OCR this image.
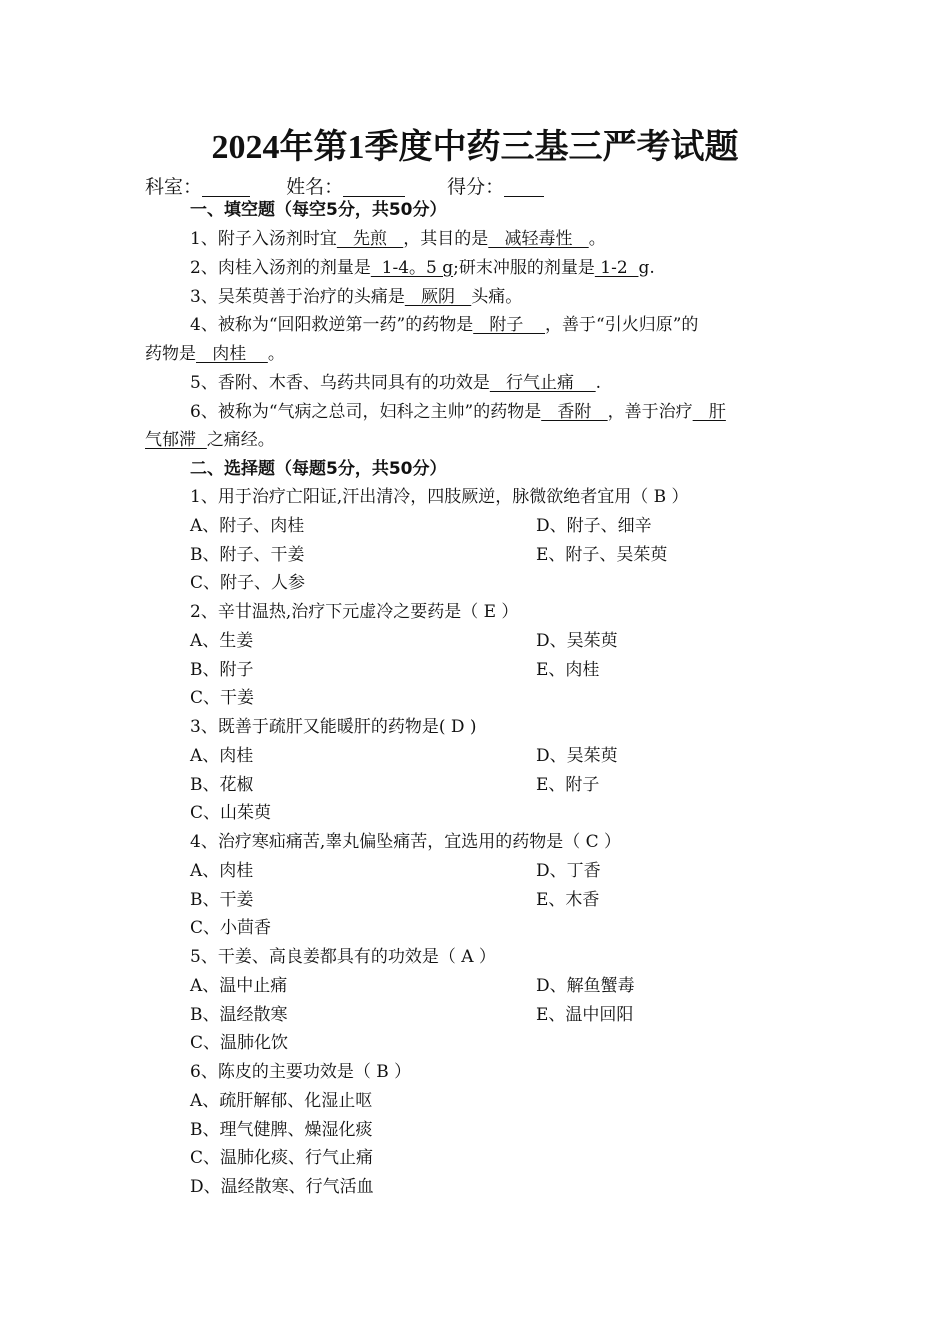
2024年第1季度中药三基三严考试题
科室：	姓名：	得分：
一、填空题（每空5分，共50分）
1、附子入汤剂时宜   先煎   ，其目的是   减轻毒性   。
2、肉桂入汤剂的剂量是  1-4。5 g;研末冲服的剂量是 1-2  g.
3、吴茱萸善于治疗的头痛是   厥阴   头痛。
4、被称为“回阳救逆第一药”的药物是   附子    ，善于“引火归原”的
药物是   肉桂    。
5、香附、木香、乌药共同具有的功效是   行气止痛    .
6、被称为“气病之总司，妇科之主帅”的药物是   香附   ，善于治疗   肝
气郁滞  之痛经。
二、选择题（每题5分，共50分）
1、用于治疗亡阳证,汗出清冷，四肢厥逆，脉微欲绝者宜用（ B ）
A、附子、肉桂	D、附子、细辛
B、附子、干姜	E、附子、吴茱萸
C、附子、人参
2、辛甘温热,治疗下元虚冷之要药是（ E ）
A、生姜	D、吴茱萸
B、附子	E、肉桂
C、干姜
3、既善于疏肝又能暖肝的药物是( D )
A、肉桂	D、吴茱萸
B、花椒	E、附子
C、山茱萸
4、治疗寒疝痛苦,睾丸偏坠痛苦，宜选用的药物是（ C ）
A、肉桂	D、丁香
B、干姜	E、木香
C、小茴香
5、干姜、高良姜都具有的功效是（ A ）
A、温中止痛	D、解鱼蟹毒
B、温经散寒	E、温中回阳
C、温肺化饮
6、陈皮的主要功效是（ B ）
A、疏肝解郁、化湿止呕
B、理气健脾、燥湿化痰
C、温肺化痰、行气止痛
D、温经散寒、行气活血
